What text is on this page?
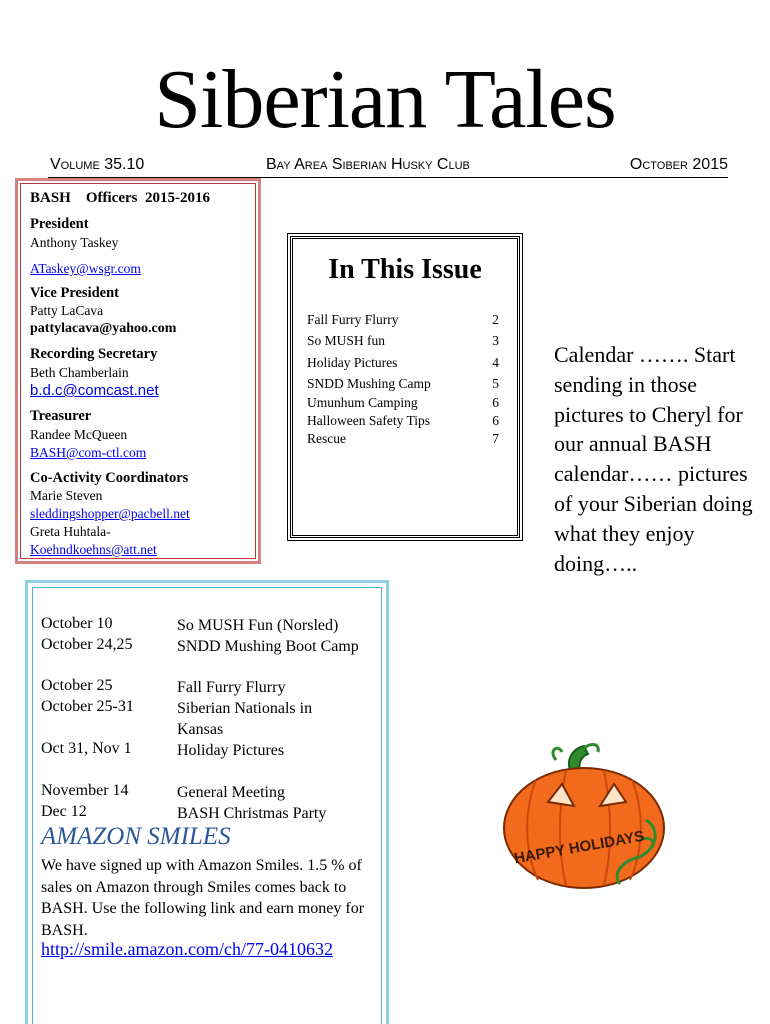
Siberian Tales
Volume 35.10	Bay Area Siberian Husky Club	October 2015
BASH    Officers  2015-2016
President
Anthony Taskey
ATaskey@wsgr.com
Vice President
Patty LaCava
pattylacava@yahoo.com
Recording Secretary
Beth Chamberlain
b.d.c@comcast.net
Treasurer
Randee McQueen
BASH@com-ctl.com
Co-Activity Coordinators
Marie Steven
sleddingshopper@pacbell.net
Greta Huhtala-
Koehndkoehns@att.net
In This Issue
Fall Furry Flurry	2
So MUSH fun	3
Holiday Pictures	4
SNDD Mushing Camp	5
Umunhum Camping	6
Halloween Safety Tips	6
Rescue	7
Calendar ……. Start sending in those pictures to Cheryl for our annual BASH calendar…… pictures of your Siberian doing what they enjoy doing…..
October 10	So MUSH Fun (Norsled)
October 24,25	SNDD Mushing Boot Camp
October 25	Fall Furry Flurry
October 25-31	Siberian Nationals in Kansas
Oct 31, Nov 1	Holiday Pictures
November 14	General Meeting
Dec 12	BASH Christmas Party
AMAZON SMILES
We have signed up with Amazon Smiles. 1.5 % of sales on Amazon through Smiles comes back to BASH. Use the following link and earn money for BASH.
http://smile.amazon.com/ch/77-0410632
HAPPY HOLIDAYS
